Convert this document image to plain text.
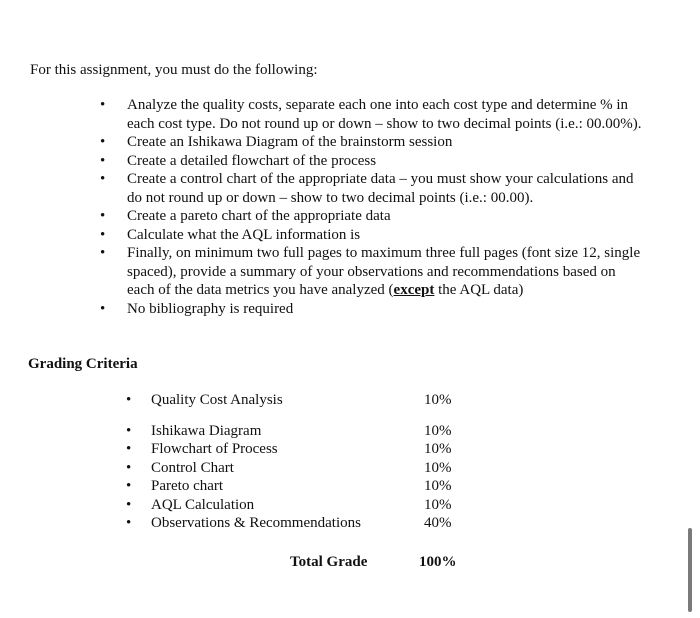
For this assignment, you must do the following:

• Analyze the quality costs, separate each one into each cost type and determine % in each cost type. Do not round up or down – show to two decimal points (i.e.: 00.00%).
• Create an Ishikawa Diagram of the brainstorm session
• Create a detailed flowchart of the process
• Create a control chart of the appropriate data – you must show your calculations and do not round up or down – show to two decimal points (i.e.: 00.00).
• Create a pareto chart of the appropriate data
• Calculate what the AQL information is
• Finally, on minimum two full pages to maximum three full pages (font size 12, single spaced), provide a summary of your observations and recommendations based on each of the data metrics you have analyzed (except the AQL data)
• No bibliography is required
Grading Criteria
• Quality Cost Analysis	10%
• Ishikawa Diagram	10%
• Flowchart of Process	10%
• Control Chart	10%
• Pareto chart	10%
• AQL Calculation	10%
• Observations & Recommendations	40%
Total Grade	100%
